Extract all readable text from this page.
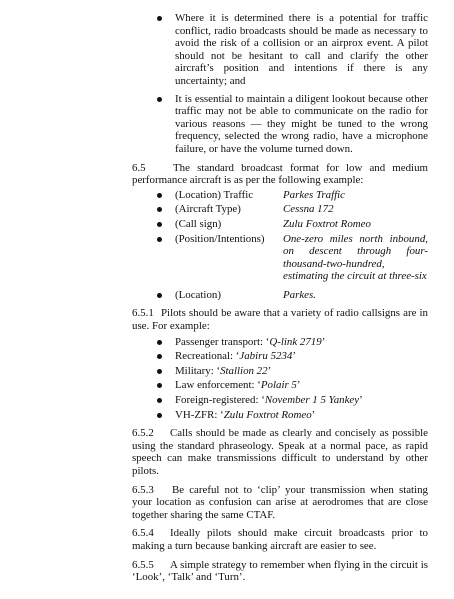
Where it is determined there is a potential for traffic conflict, radio broadcasts should be made as necessary to avoid the risk of a collision or an airprox event. A pilot should not be hesitant to call and clarify the other aircraft’s position and intentions if there is any uncertainty; and
It is essential to maintain a diligent lookout because other traffic may not be able to communicate on the radio for various reasons — they might be tuned to the wrong frequency, selected the wrong radio, have a microphone failure, or have the volume turned down.
6.5	The standard broadcast format for low and medium performance aircraft is as per the following example:
(Location) Traffic	Parkes Traffic
(Aircraft Type)	Cessna 172
(Call sign)	Zulu Foxtrot Romeo
(Position/Intentions)	One-zero miles north inbound, on descent through four-thousand-two-hundred, estimating the circuit at three-six
(Location)	Parkes.
6.5.1 Pilots should be aware that a variety of radio callsigns are in use. For example:
Passenger transport: ‘Q-link 2719’
Recreational: ‘Jabiru 5234’
Military: ‘Stallion 22’
Law enforcement: ‘Polair 5’
Foreign-registered: ‘November 1 5 Yankey’
VH-ZFR: ‘Zulu Foxtrot Romeo’
6.5.2 Calls should be made as clearly and concisely as possible using the standard phraseology. Speak at a normal pace, as rapid speech can make transmissions difficult to understand by other pilots.
6.5.3 Be careful not to ‘clip’ your transmission when stating your location as confusion can arise at aerodromes that are close together sharing the same CTAF.
6.5.4 Ideally pilots should make circuit broadcasts prior to making a turn because banking aircraft are easier to see.
6.5.5 A simple strategy to remember when flying in the circuit is ‘Look’, ‘Talk’ and ‘Turn’.
